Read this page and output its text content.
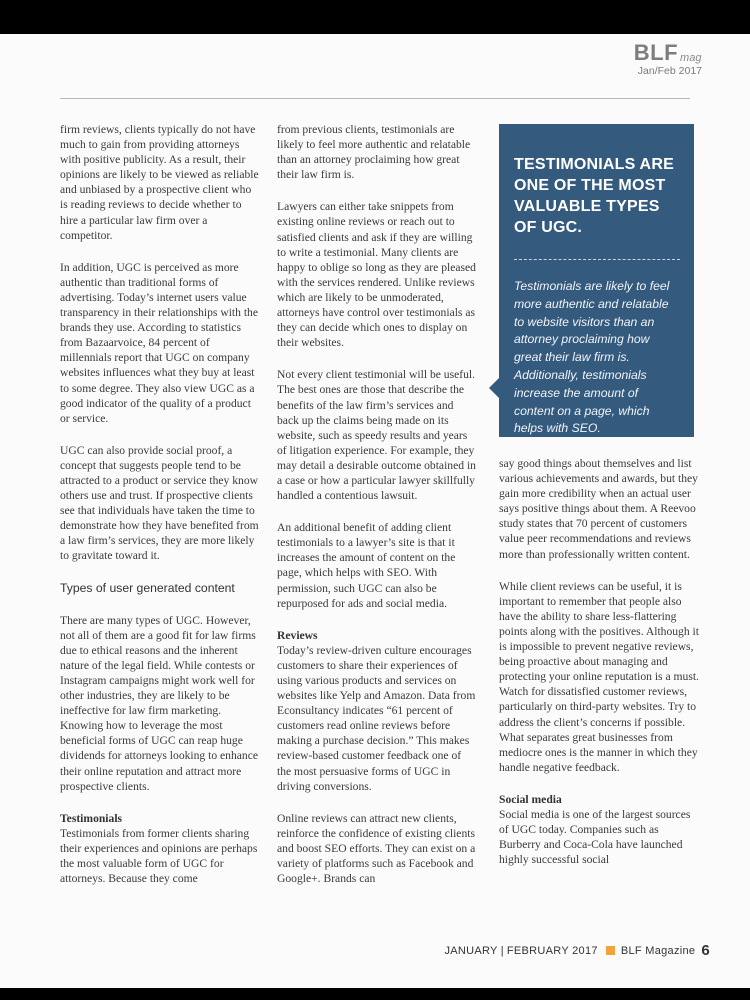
BLF mag
Jan/Feb 2017

firm reviews, clients typically do not have much to gain from providing attorneys with positive publicity. As a result, their opinions are likely to be viewed as reliable and unbiased by a prospective client who is reading reviews to decide whether to hire a particular law firm over a competitor.

In addition, UGC is perceived as more authentic than traditional forms of advertising. Today’s internet users value transparency in their relationships with the brands they use. According to statistics from Bazaarvoice, 84 percent of millennials report that UGC on company websites influences what they buy at least to some degree. They also view UGC as a good indicator of the quality of a product or service.

UGC can also provide social proof, a concept that suggests people tend to be attracted to a product or service they know others use and trust. If prospective clients see that individuals have taken the time to demonstrate how they have benefited from a law firm’s services, they are more likely to gravitate toward it.

Types of user generated content

There are many types of UGC. However, not all of them are a good fit for law firms due to ethical reasons and the inherent nature of the legal field. While contests or Instagram campaigns might work well for other industries, they are likely to be ineffective for law firm marketing. Knowing how to leverage the most beneficial forms of UGC can reap huge dividends for attorneys looking to enhance their online reputation and attract more prospective clients.

Testimonials

Testimonials from former clients sharing their experiences and opinions are perhaps the most valuable form of UGC for attorneys. Because they come

from previous clients, testimonials are likely to feel more authentic and relatable than an attorney proclaiming how great their law firm is.

Lawyers can either take snippets from existing online reviews or reach out to satisfied clients and ask if they are willing to write a testimonial. Many clients are happy to oblige so long as they are pleased with the services rendered. Unlike reviews which are likely to be unmoderated, attorneys have control over testimonials as they can decide which ones to display on their websites.

Not every client testimonial will be useful. The best ones are those that describe the benefits of the law firm’s services and back up the claims being made on its website, such as speedy results and years of litigation experience. For example, they may detail a desirable outcome obtained in a case or how a particular lawyer skillfully handled a contentious lawsuit.

An additional benefit of adding client testimonials to a lawyer’s site is that it increases the amount of content on the page, which helps with SEO. With permission, such UGC can also be repurposed for ads and social media.

Reviews

Today’s review-driven culture encourages customers to share their experiences of using various products and services on websites like Yelp and Amazon. Data from Econsultancy indicates “61 percent of customers read online reviews before making a purchase decision.” This makes review-based customer feedback one of the most persuasive forms of UGC in driving conversions.

Online reviews can attract new clients, reinforce the confidence of existing clients and boost SEO efforts. They can exist on a variety of platforms such as Facebook and Google+. Brands can

TESTIMONIALS ARE ONE OF THE MOST VALUABLE TYPES OF UGC.
Testimonials are likely to feel more authentic and relatable to website visitors than an attorney proclaiming how great their law firm is. Additionally, testimonials increase the amount of content on a page, which helps with SEO.

say good things about themselves and list various achievements and awards, but they gain more credibility when an actual user says positive things about them. A Reevoo study states that 70 percent of customers value peer recommendations and reviews more than professionally written content.

While client reviews can be useful, it is important to remember that people also have the ability to share less-flattering points along with the positives. Although it is impossible to prevent negative reviews, being proactive about managing and protecting your online reputation is a must. Watch for dissatisfied customer reviews, particularly on third-party websites. Try to address the client’s concerns if possible. What separates great businesses from mediocre ones is the manner in which they handle negative feedback.

Social media

Social media is one of the largest sources of UGC today. Companies such as Burberry and Coca-Cola have launched highly successful social

JANUARY | FEBRUARY 2017 BLF Magazine 6
